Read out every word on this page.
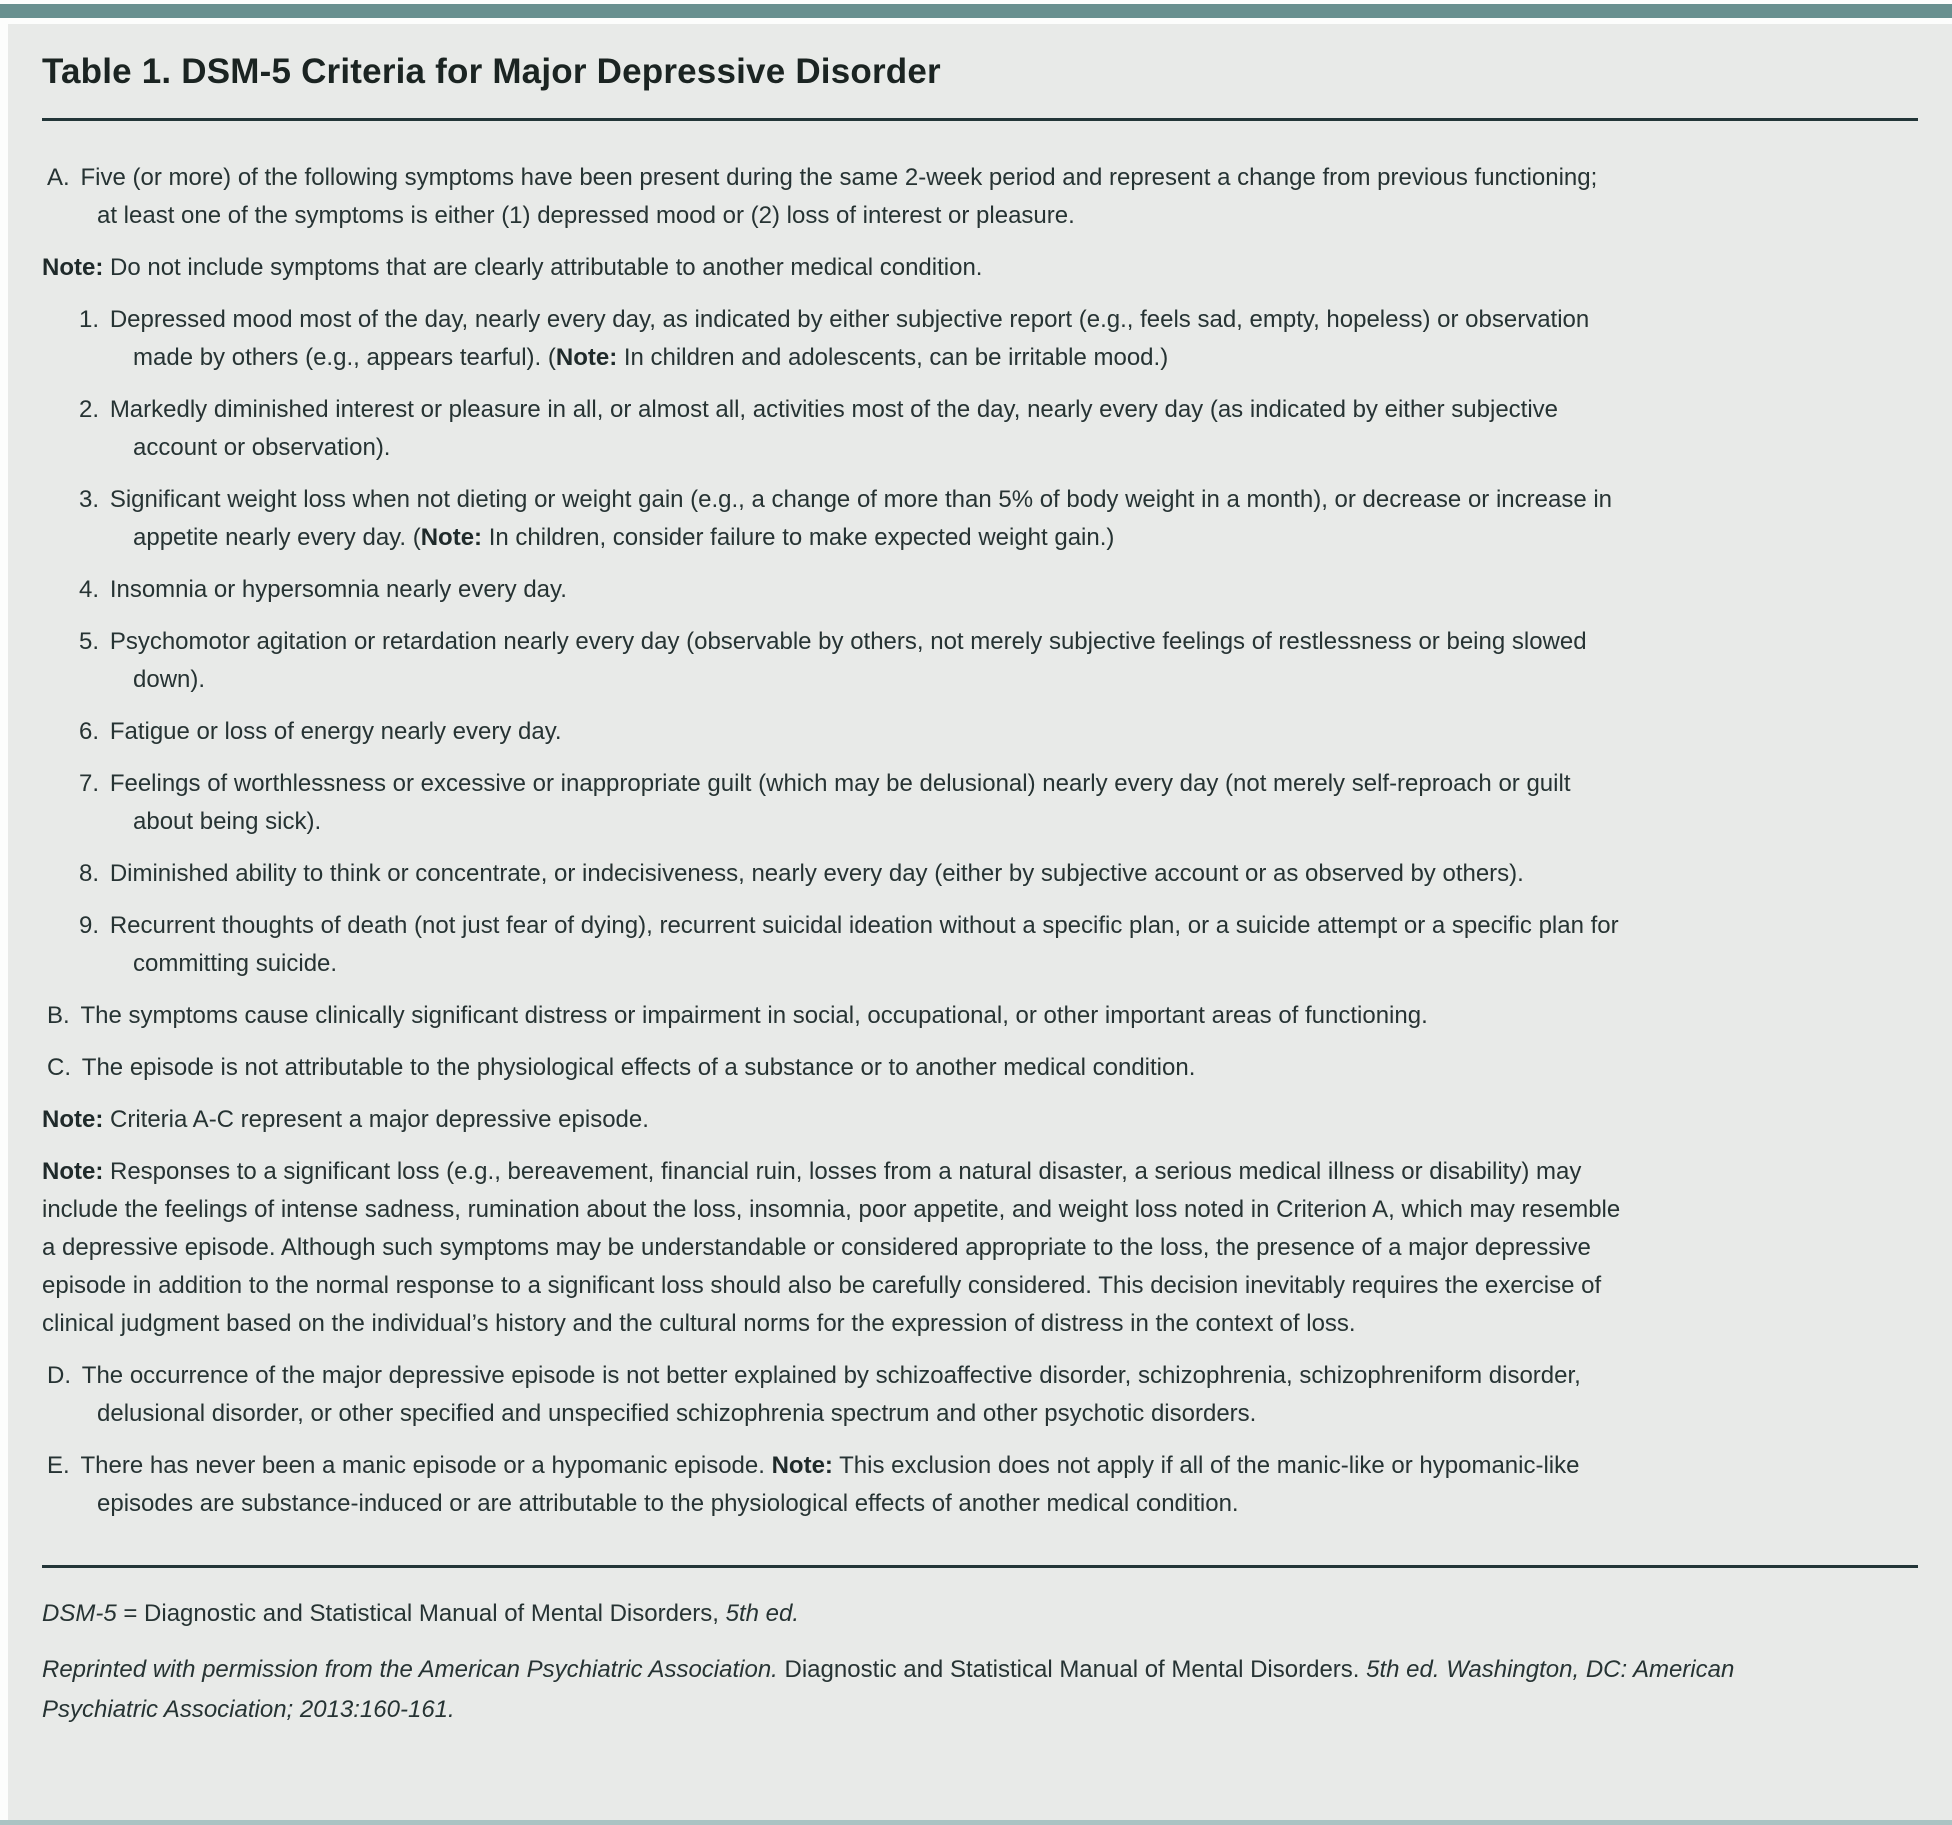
Table 1. DSM-5 Criteria for Major Depressive Disorder

A. Five (or more) of the following symptoms have been present during the same 2-week period and represent a change from previous functioning; at least one of the symptoms is either (1) depressed mood or (2) loss of interest or pleasure.

Note: Do not include symptoms that are clearly attributable to another medical condition.

1. Depressed mood most of the day, nearly every day, as indicated by either subjective report (e.g., feels sad, empty, hopeless) or observation made by others (e.g., appears tearful). (Note: In children and adolescents, can be irritable mood.)

2. Markedly diminished interest or pleasure in all, or almost all, activities most of the day, nearly every day (as indicated by either subjective account or observation).

3. Significant weight loss when not dieting or weight gain (e.g., a change of more than 5% of body weight in a month), or decrease or increase in appetite nearly every day. (Note: In children, consider failure to make expected weight gain.)

4. Insomnia or hypersomnia nearly every day.

5. Psychomotor agitation or retardation nearly every day (observable by others, not merely subjective feelings of restlessness or being slowed down).

6. Fatigue or loss of energy nearly every day.

7. Feelings of worthlessness or excessive or inappropriate guilt (which may be delusional) nearly every day (not merely self-reproach or guilt about being sick).

8. Diminished ability to think or concentrate, or indecisiveness, nearly every day (either by subjective account or as observed by others).

9. Recurrent thoughts of death (not just fear of dying), recurrent suicidal ideation without a specific plan, or a suicide attempt or a specific plan for committing suicide.

B. The symptoms cause clinically significant distress or impairment in social, occupational, or other important areas of functioning.

C. The episode is not attributable to the physiological effects of a substance or to another medical condition.

Note: Criteria A-C represent a major depressive episode.

Note: Responses to a significant loss (e.g., bereavement, financial ruin, losses from a natural disaster, a serious medical illness or disability) may include the feelings of intense sadness, rumination about the loss, insomnia, poor appetite, and weight loss noted in Criterion A, which may resemble a depressive episode. Although such symptoms may be understandable or considered appropriate to the loss, the presence of a major depressive episode in addition to the normal response to a significant loss should also be carefully considered. This decision inevitably requires the exercise of clinical judgment based on the individual’s history and the cultural norms for the expression of distress in the context of loss.

D. The occurrence of the major depressive episode is not better explained by schizoaffective disorder, schizophrenia, schizophreniform disorder, delusional disorder, or other specified and unspecified schizophrenia spectrum and other psychotic disorders.

E. There has never been a manic episode or a hypomanic episode. Note: This exclusion does not apply if all of the manic-like or hypomanic-like episodes are substance-induced or are attributable to the physiological effects of another medical condition.

DSM-5 = Diagnostic and Statistical Manual of Mental Disorders, 5th ed.

Reprinted with permission from the American Psychiatric Association. Diagnostic and Statistical Manual of Mental Disorders. 5th ed. Washington, DC: American Psychiatric Association; 2013:160-161.
